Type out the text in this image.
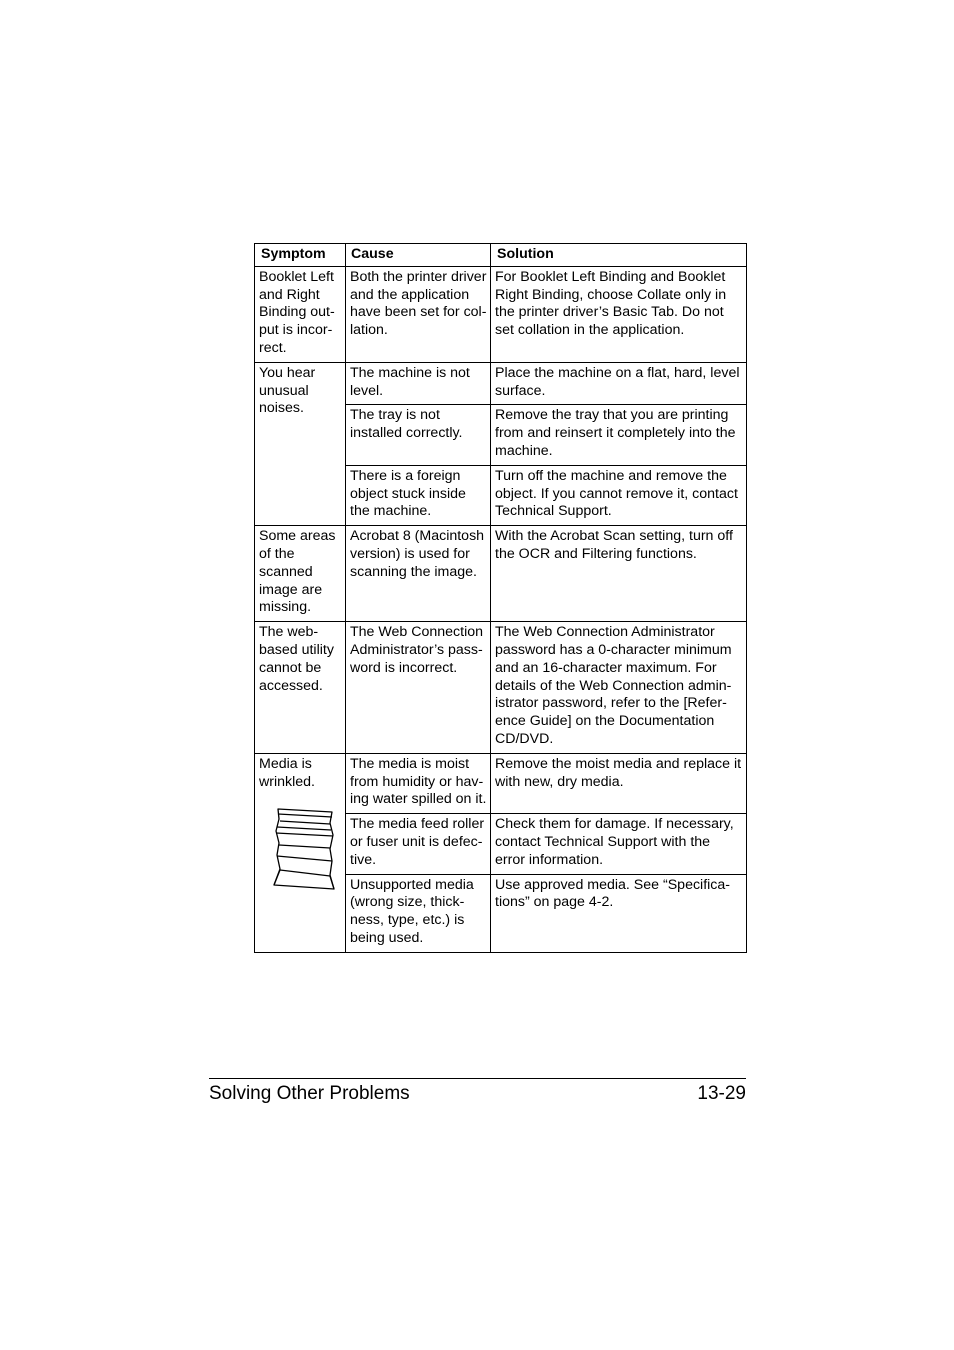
Symptom	Cause	Solution
Booklet Left and Right Binding out-put is incor-rect.	Both the printer driver and the application have been set for col-lation.	For Booklet Left Binding and Booklet Right Binding, choose Collate only in the printer driver’s Basic Tab. Do not set collation in the application.
You hear unusual noises.	The machine is not level.	Place the machine on a flat, hard, level surface.
	The tray is not installed correctly.	Remove the tray that you are printing from and reinsert it completely into the machine.
	There is a foreign object stuck inside the machine.	Turn off the machine and remove the object. If you cannot remove it, contact Technical Support.
Some areas of the scanned image are missing.	Acrobat 8 (Macintosh version) is used for scanning the image.	With the Acrobat Scan setting, turn off the OCR and Filtering functions.
The web-based utility cannot be accessed.	The Web Connection Administrator’s pass-word is incorrect.	The Web Connection Administrator password has a 0-character minimum and an 16-character maximum. For details of the Web Connection admin-istrator password, refer to the [Refer-ence Guide] on the Documentation CD/DVD.

Media is wrinkled.	The media is moist from humidity or hav-ing water spilled on it.	Remove the moist media and replace it with new, dry media.
	The media feed roller or fuser unit is defec-tive.	Check them for damage. If necessary, contact Technical Support with the error information.
	Unsupported media (wrong size, thick-ness, type, etc.) is being used.	Use approved media. See “Specifica-tions” on page 4-2.
Solving Other Problems	13-29
